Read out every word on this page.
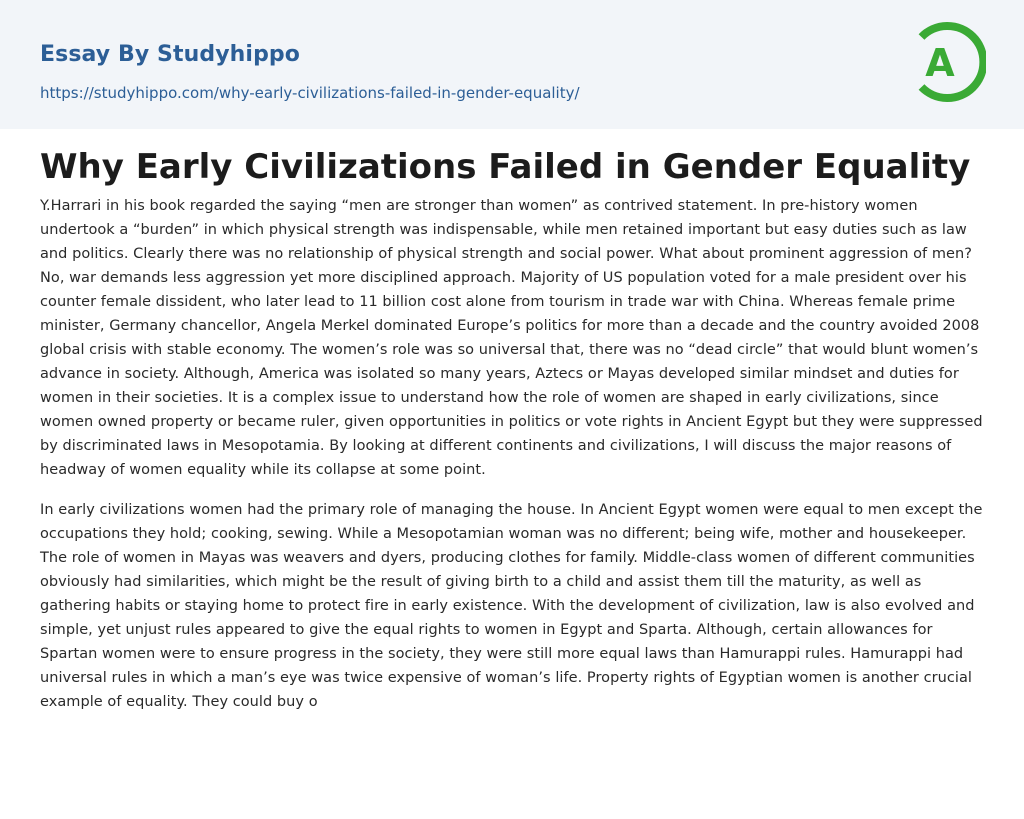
Essay By Studyhippo
https://studyhippo.com/why-early-civilizations-failed-in-gender-equality/
A
Why Early Civilizations Failed in Gender Equality

Y.Harrari in his book regarded the saying “men are stronger than women” as contrived statement. In pre-history women undertook a “burden” in which physical strength was indispensable, while men retained important but easy duties such as law and politics. Clearly there was no relationship of physical strength and social power. What about prominent aggression of men? No, war demands less aggression yet more disciplined approach. Majority of US population voted for a male president over his counter female dissident, who later lead to 11 billion cost alone from tourism in trade war with China. Whereas female prime minister, Germany chancellor, Angela Merkel dominated Europe’s politics for more than a decade and the country avoided 2008 global crisis with stable economy. The women’s role was so universal that, there was no “dead circle” that would blunt women’s advance in society. Although, America was isolated so many years, Aztecs or Mayas developed similar mindset and duties for women in their societies. It is a complex issue to understand how the role of women are shaped in early civilizations, since women owned property or became ruler, given opportunities in politics or vote rights in Ancient Egypt but they were suppressed by discriminated laws in Mesopotamia. By looking at different continents and civilizations, I will discuss the major reasons of headway of women equality while its collapse at some point.

In early civilizations women had the primary role of managing the house. In Ancient Egypt women were equal to men except the occupations they hold; cooking, sewing. While a Mesopotamian woman was no different; being wife, mother and housekeeper. The role of women in Mayas was weavers and dyers, producing clothes for family. Middle-class women of different communities obviously had similarities, which might be the result of giving birth to a child and assist them till the maturity, as well as gathering habits or staying home to protect fire in early existence. With the development of civilization, law is also evolved and simple, yet unjust rules appeared to give the equal rights to women in Egypt and Sparta. Although, certain allowances for Spartan women were to ensure progress in the society, they were still more equal laws than Hamurappi rules. Hamurappi had universal rules in which a man’s eye was twice expensive of woman’s life. Property rights of Egyptian women is another crucial example of equality. They could buy o
